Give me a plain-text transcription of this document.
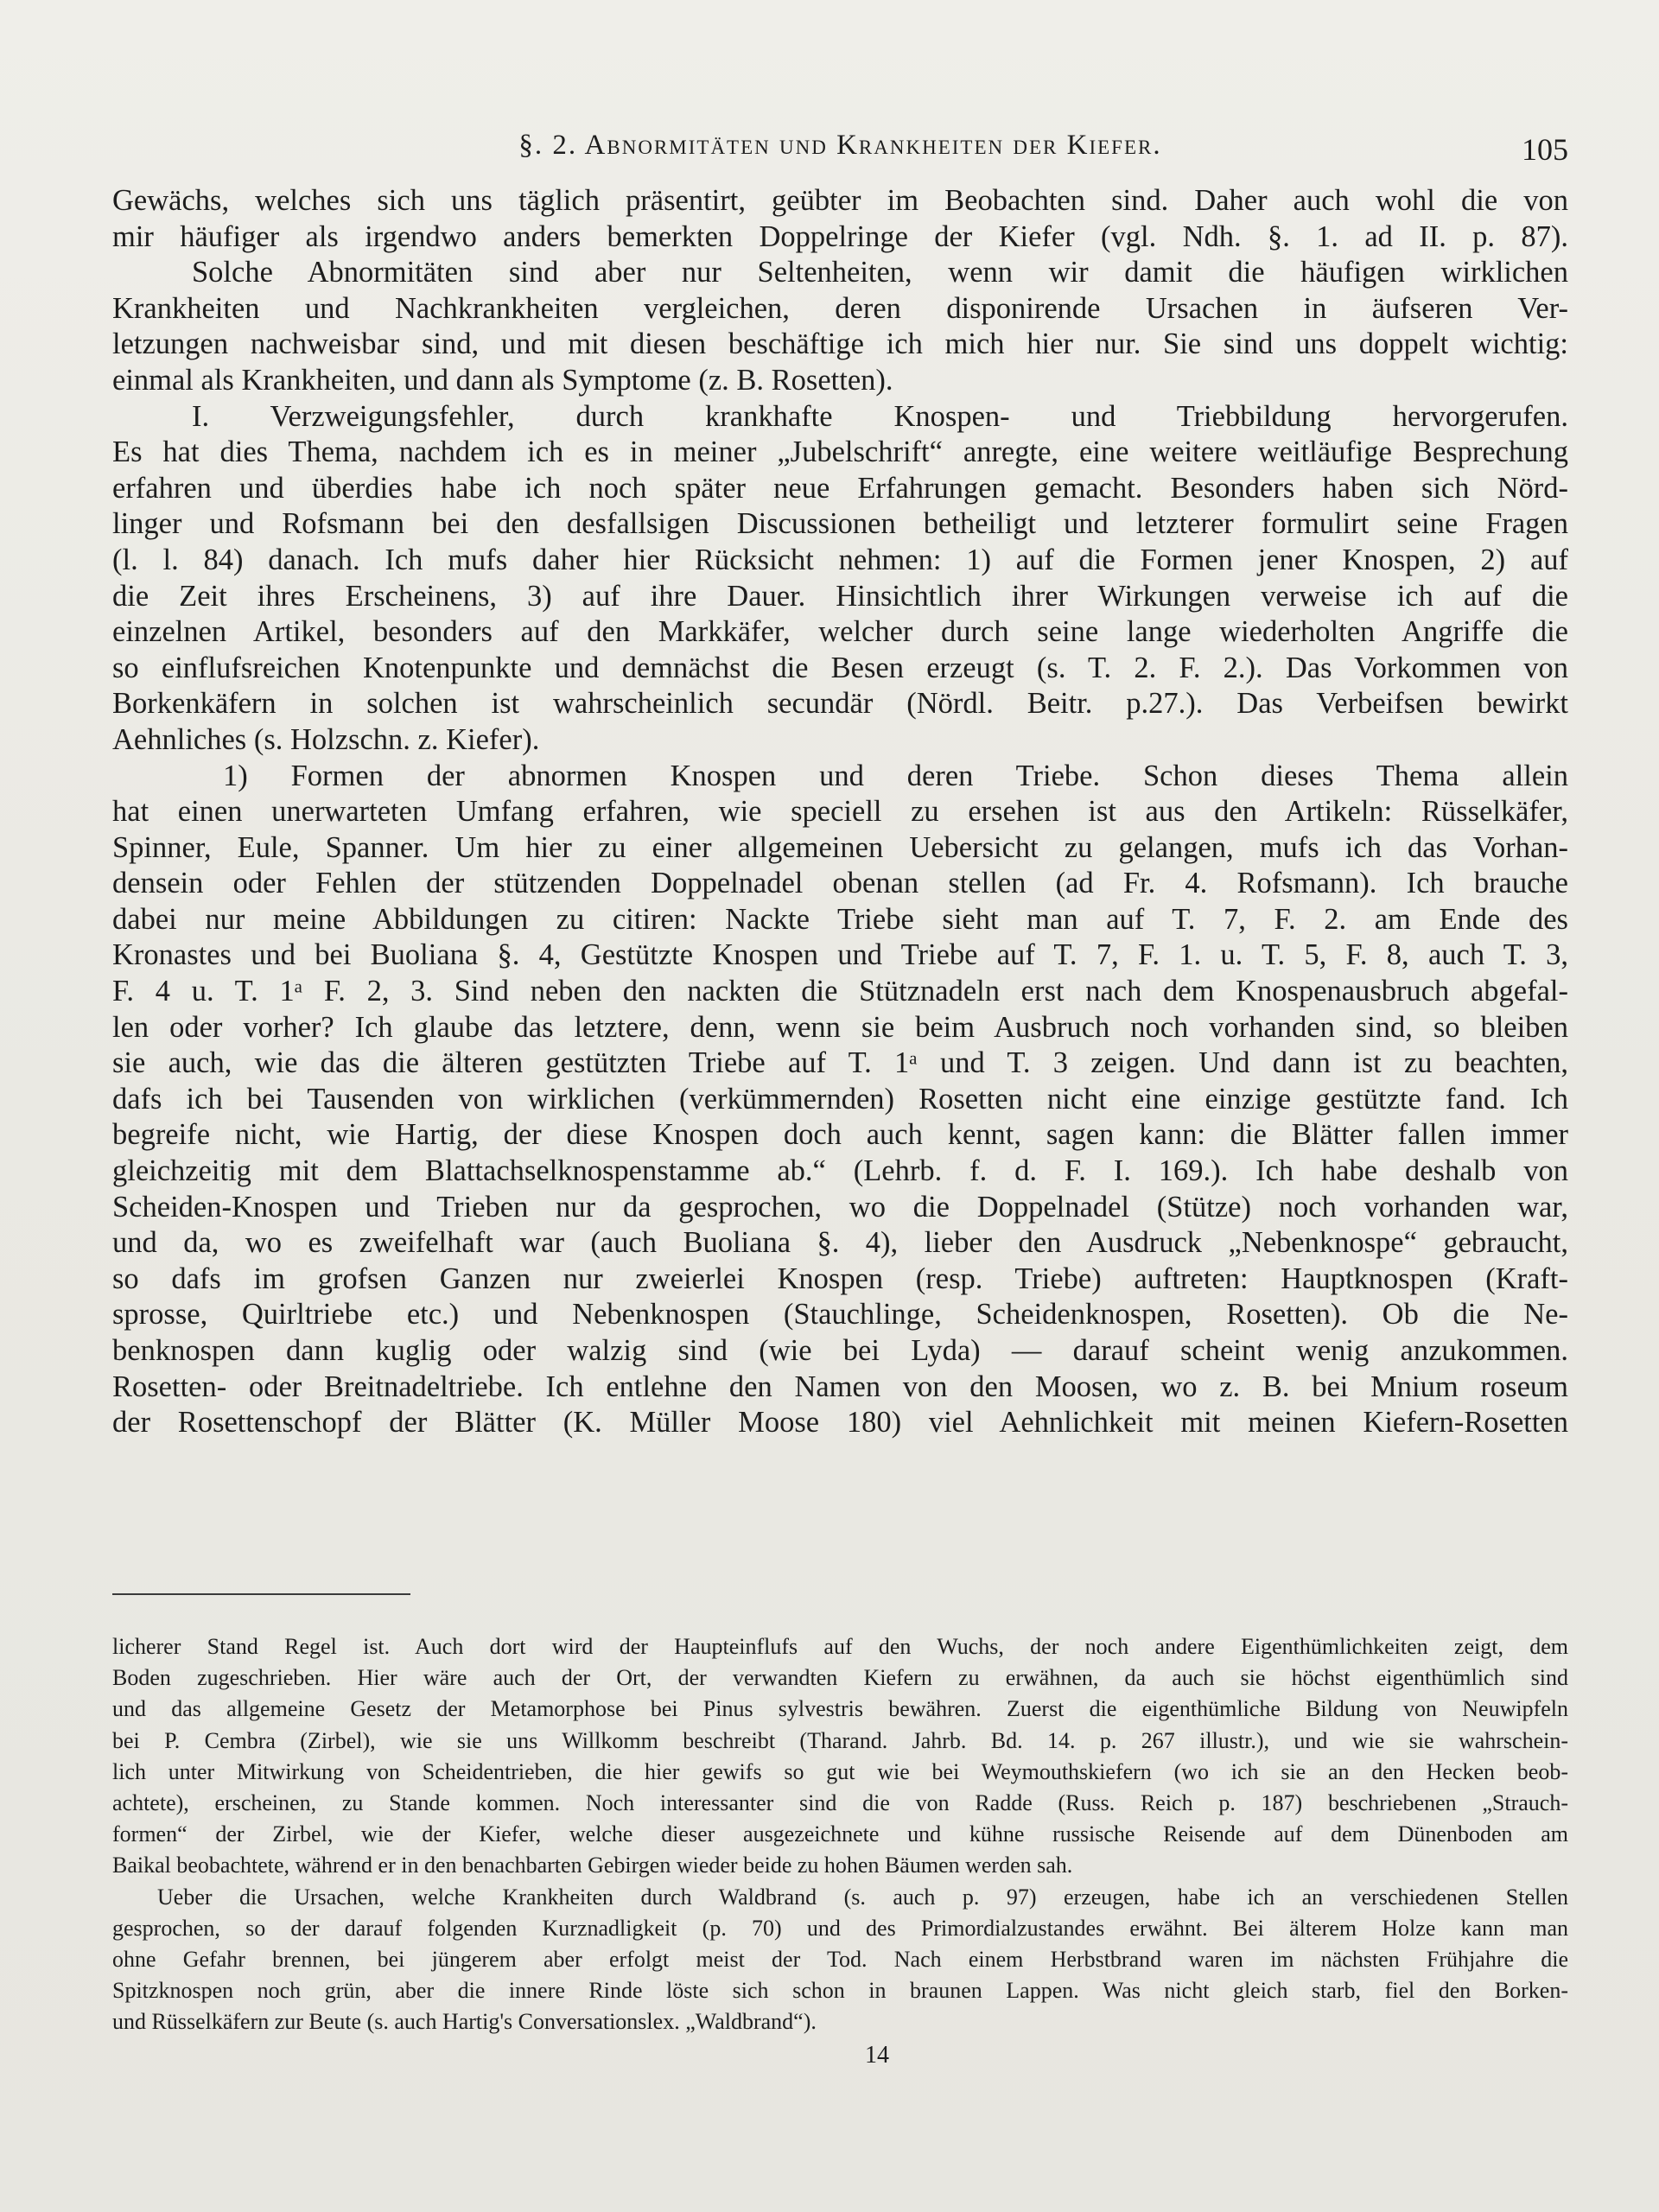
§. 2. Abnormitäten und Krankheiten der Kiefer.	105
Gewächs, welches sich uns täglich präsentirt, geübter im Beobachten sind. Daher auch wohl die von
mir häufiger als irgendwo anders bemerkten Doppelringe der Kiefer (vgl. Ndh. §. 1. ad II. p. 87).
Solche Abnormitäten sind aber nur Seltenheiten, wenn wir damit die häufigen wirklichen
Krankheiten und Nachkrankheiten vergleichen, deren disponirende Ursachen in äufseren Ver-
letzungen nachweisbar sind, und mit diesen beschäftige ich mich hier nur. Sie sind uns doppelt wichtig:
einmal als Krankheiten, und dann als Symptome (z. B. Rosetten).
I. Verzweigungsfehler, durch krankhafte Knospen- und Triebbildung hervorgerufen.
Es hat dies Thema, nachdem ich es in meiner „Jubelschrift“ anregte, eine weitere weitläufige Besprechung
erfahren und überdies habe ich noch später neue Erfahrungen gemacht. Besonders haben sich Nörd-
linger und Rofsmann bei den desfallsigen Discussionen betheiligt und letzterer formulirt seine Fragen
(l. l. 84) danach. Ich mufs daher hier Rücksicht nehmen: 1) auf die Formen jener Knospen, 2) auf
die Zeit ihres Erscheinens, 3) auf ihre Dauer. Hinsichtlich ihrer Wirkungen verweise ich auf die
einzelnen Artikel, besonders auf den Markkäfer, welcher durch seine lange wiederholten Angriffe die
so einflufsreichen Knotenpunkte und demnächst die Besen erzeugt (s. T. 2. F. 2.). Das Vorkommen von
Borkenkäfern in solchen ist wahrscheinlich secundär (Nördl. Beitr. p.27.). Das Verbeifsen bewirkt
Aehnliches (s. Holzschn. z. Kiefer).
1) Formen der abnormen Knospen und deren Triebe. Schon dieses Thema allein
hat einen unerwarteten Umfang erfahren, wie speciell zu ersehen ist aus den Artikeln: Rüsselkäfer,
Spinner, Eule, Spanner. Um hier zu einer allgemeinen Uebersicht zu gelangen, mufs ich das Vorhan-
densein oder Fehlen der stützenden Doppelnadel obenan stellen (ad Fr. 4. Rofsmann). Ich brauche
dabei nur meine Abbildungen zu citiren: Nackte Triebe sieht man auf T. 7, F. 2. am Ende des
Kronastes und bei Buoliana §. 4, Gestützte Knospen und Triebe auf T. 7, F. 1. u. T. 5, F. 8, auch T. 3,
F. 4 u. T. 1ᵃ F. 2, 3. Sind neben den nackten die Stütznadeln erst nach dem Knospenausbruch abgefal-
len oder vorher? Ich glaube das letztere, denn, wenn sie beim Ausbruch noch vorhanden sind, so bleiben
sie auch, wie das die älteren gestützten Triebe auf T. 1ᵃ und T. 3 zeigen. Und dann ist zu beachten,
dafs ich bei Tausenden von wirklichen (verkümmernden) Rosetten nicht eine einzige gestützte fand. Ich
begreife nicht, wie Hartig, der diese Knospen doch auch kennt, sagen kann: die Blätter fallen immer
gleichzeitig mit dem Blattachselknospenstamme ab.“ (Lehrb. f. d. F. I. 169.). Ich habe deshalb von
Scheiden-Knospen und Trieben nur da gesprochen, wo die Doppelnadel (Stütze) noch vorhanden war,
und da, wo es zweifelhaft war (auch Buoliana §. 4), lieber den Ausdruck „Nebenknospe“ gebraucht,
so dafs im grofsen Ganzen nur zweierlei Knospen (resp. Triebe) auftreten: Hauptknospen (Kraft-
sprosse, Quirltriebe etc.) und Nebenknospen (Stauchlinge, Scheidenknospen, Rosetten). Ob die Ne-
benknospen dann kuglig oder walzig sind (wie bei Lyda) — darauf scheint wenig anzukommen.
Rosetten- oder Breitnadeltriebe. Ich entlehne den Namen von den Moosen, wo z. B. bei Mnium roseum
der Rosettenschopf der Blätter (K. Müller Moose 180) viel Aehnlichkeit mit meinen Kiefern-Rosetten
licherer Stand Regel ist. Auch dort wird der Haupteinflufs auf den Wuchs, der noch andere Eigenthümlichkeiten zeigt, dem
Boden zugeschrieben. Hier wäre auch der Ort, der verwandten Kiefern zu erwähnen, da auch sie höchst eigenthümlich sind
und das allgemeine Gesetz der Metamorphose bei Pinus sylvestris bewähren. Zuerst die eigenthümliche Bildung von Neuwipfeln
bei P. Cembra (Zirbel), wie sie uns Willkomm beschreibt (Tharand. Jahrb. Bd. 14. p. 267 illustr.), und wie sie wahrschein-
lich unter Mitwirkung von Scheidentrieben, die hier gewifs so gut wie bei Weymouthskiefern (wo ich sie an den Hecken beob-
achtete), erscheinen, zu Stande kommen. Noch interessanter sind die von Radde (Russ. Reich p. 187) beschriebenen „Strauch-
formen“ der Zirbel, wie der Kiefer, welche dieser ausgezeichnete und kühne russische Reisende auf dem Dünenboden am
Baikal beobachtete, während er in den benachbarten Gebirgen wieder beide zu hohen Bäumen werden sah.
Ueber die Ursachen, welche Krankheiten durch Waldbrand (s. auch p. 97) erzeugen, habe ich an verschiedenen Stellen
gesprochen, so der darauf folgenden Kurznadligkeit (p. 70) und des Primordialzustandes erwähnt. Bei älterem Holze kann man
ohne Gefahr brennen, bei jüngerem aber erfolgt meist der Tod. Nach einem Herbstbrand waren im nächsten Frühjahre die
Spitzknospen noch grün, aber die innere Rinde löste sich schon in braunen Lappen. Was nicht gleich starb, fiel den Borken-
und Rüsselkäfern zur Beute (s. auch Hartig's Conversationslex. „Waldbrand“).
14
